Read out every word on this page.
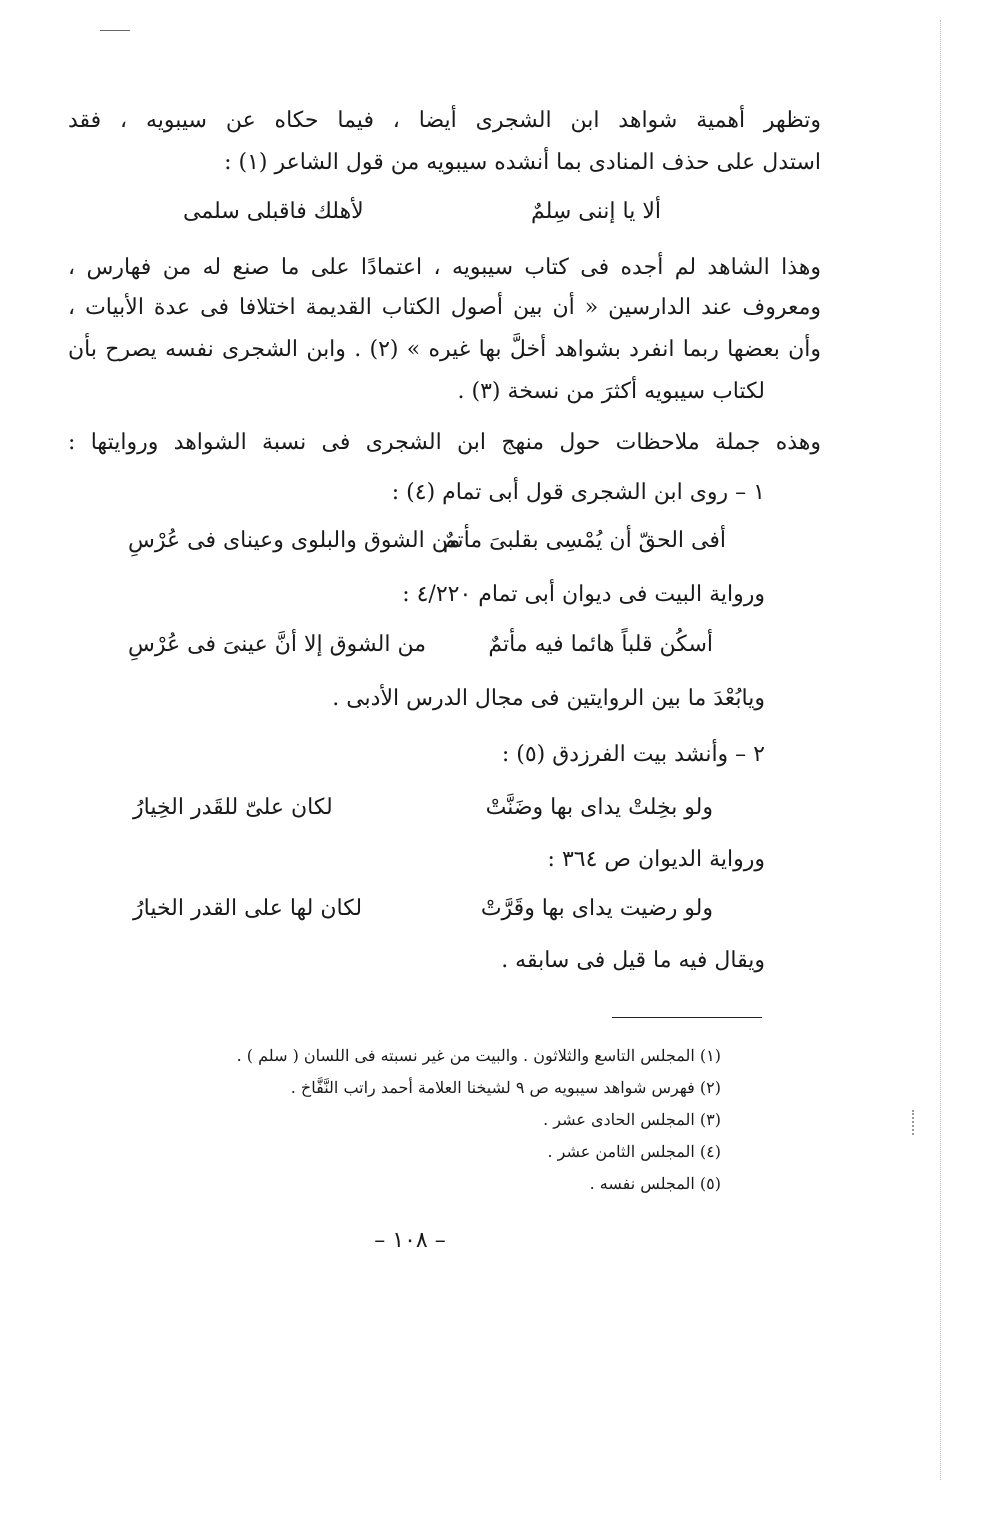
وتظهر أهمية شواهد ابن الشجرى أيضا ، فيما حكاه عن سيبويه ، فقد
استدل على حذف المنادى بما أنشده سيبويه من قول الشاعر (١) :
ألا يا إننى سِلمٌ
لأهلك فاقبلى سلمى
وهذا الشاهد لم أجده فى كتاب سيبويه ، اعتمادًا على ما صنع له من فهارس ،
ومعروف عند الدارسين « أن بين أصول الكتاب القديمة اختلافا فى عدة الأبيات ،
وأن بعضها ربما انفرد بشواهد أخلَّ بها غيره » (٢) . وابن الشجرى نفسه يصرح بأن
لكتاب سيبويه أكثرَ من نسخة (٣) .
وهذه جملة ملاحظات حول منهج ابن الشجرى فى نسبة الشواهد وروايتها :
١ – روى ابن الشجرى قول أبى تمام (٤) :
أفى الحقّ أن يُمْسِى بقلبىَ مأتمٌ
من الشوق والبلوى وعيناى فى عُرْسِ
ورواية البيت فى ديوان أبى تمام ٤/٢٢٠ :
أسكُن قلباً هائما فيه مأتمٌ
من الشوق إلا أنَّ عينىَ فى عُرْسِ
ويابُعْدَ ما بين الروايتين فى مجال الدرس الأدبى .
٢ – وأنشد بيت الفرزدق (٥) :
ولو بخِلتْ يداى بها وضَنَّتْ
لكان علىّ للقَدر الخِيارُ
ورواية الديوان ص ٣٦٤ :
ولو رضيت يداى بها وقَرَّتْ
لكان لها على القدر الخيارُ
ويقال فيه ما قيل فى سابقه .
(١) المجلس التاسع والثلاثون . والبيت من غير نسبته فى اللسان ( سلم ) .
(٢) فهرس شواهد سيبويه ص ٩ لشيخنا العلامة أحمد راتب النَّفَّاخ .
(٣) المجلس الحادى عشر .
(٤) المجلس الثامن عشر .
(٥) المجلس نفسه .
– ١٠٨ –
